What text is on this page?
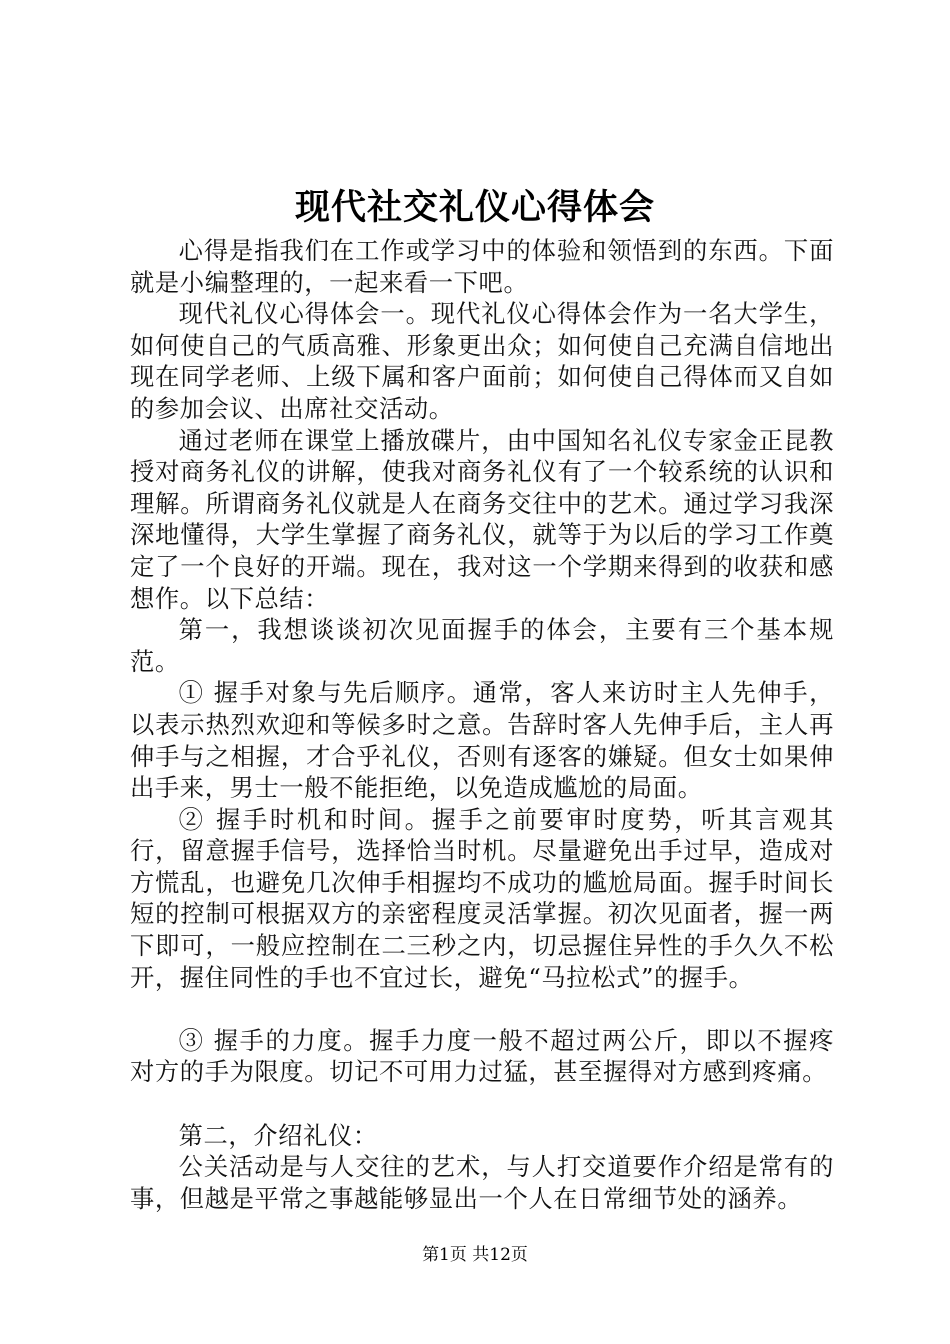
现代社交礼仪心得体会

心得是指我们在工作或学习中的体验和领悟到的东西。下面就是小编整理的，一起来看一下吧。

现代礼仪心得体会一。现代礼仪心得体会作为一名大学生，如何使自己的气质高雅、形象更出众；如何使自己充满自信地出现在同学老师、上级下属和客户面前；如何使自己得体而又自如的参加会议、出席社交活动。

通过老师在课堂上播放碟片，由中国知名礼仪专家金正昆教授对商务礼仪的讲解，使我对商务礼仪有了一个较系统的认识和理解。所谓商务礼仪就是人在商务交往中的艺术。通过学习我深深地懂得，大学生掌握了商务礼仪，就等于为以后的学习工作奠定了一个良好的开端。现在，我对这一个学期来得到的收获和感想作。以下总结：

第一，我想谈谈初次见面握手的体会，主要有三个基本规范。

① 握手对象与先后顺序。通常，客人来访时主人先伸手，以表示热烈欢迎和等候多时之意。告辞时客人先伸手后，主人再伸手与之相握，才合乎礼仪，否则有逐客的嫌疑。但女士如果伸出手来，男士一般不能拒绝，以免造成尴尬的局面。

② 握手时机和时间。握手之前要审时度势，听其言观其行，留意握手信号，选择恰当时机。尽量避免出手过早，造成对方慌乱，也避免几次伸手相握均不成功的尴尬局面。握手时间长短的控制可根据双方的亲密程度灵活掌握。初次见面者，握一两下即可，一般应控制在二三秒之内，切忌握住异性的手久久不松开，握住同性的手也不宜过长，避免“马拉松式”的握手。

③ 握手的力度。握手力度一般不超过两公斤，即以不握疼对方的手为限度。切记不可用力过猛，甚至握得对方感到疼痛。

第二，介绍礼仪：

公关活动是与人交往的艺术，与人打交道要作介绍是常有的事，但越是平常之事越能够显出一个人在日常细节处的涵养。

第1页 共12页
